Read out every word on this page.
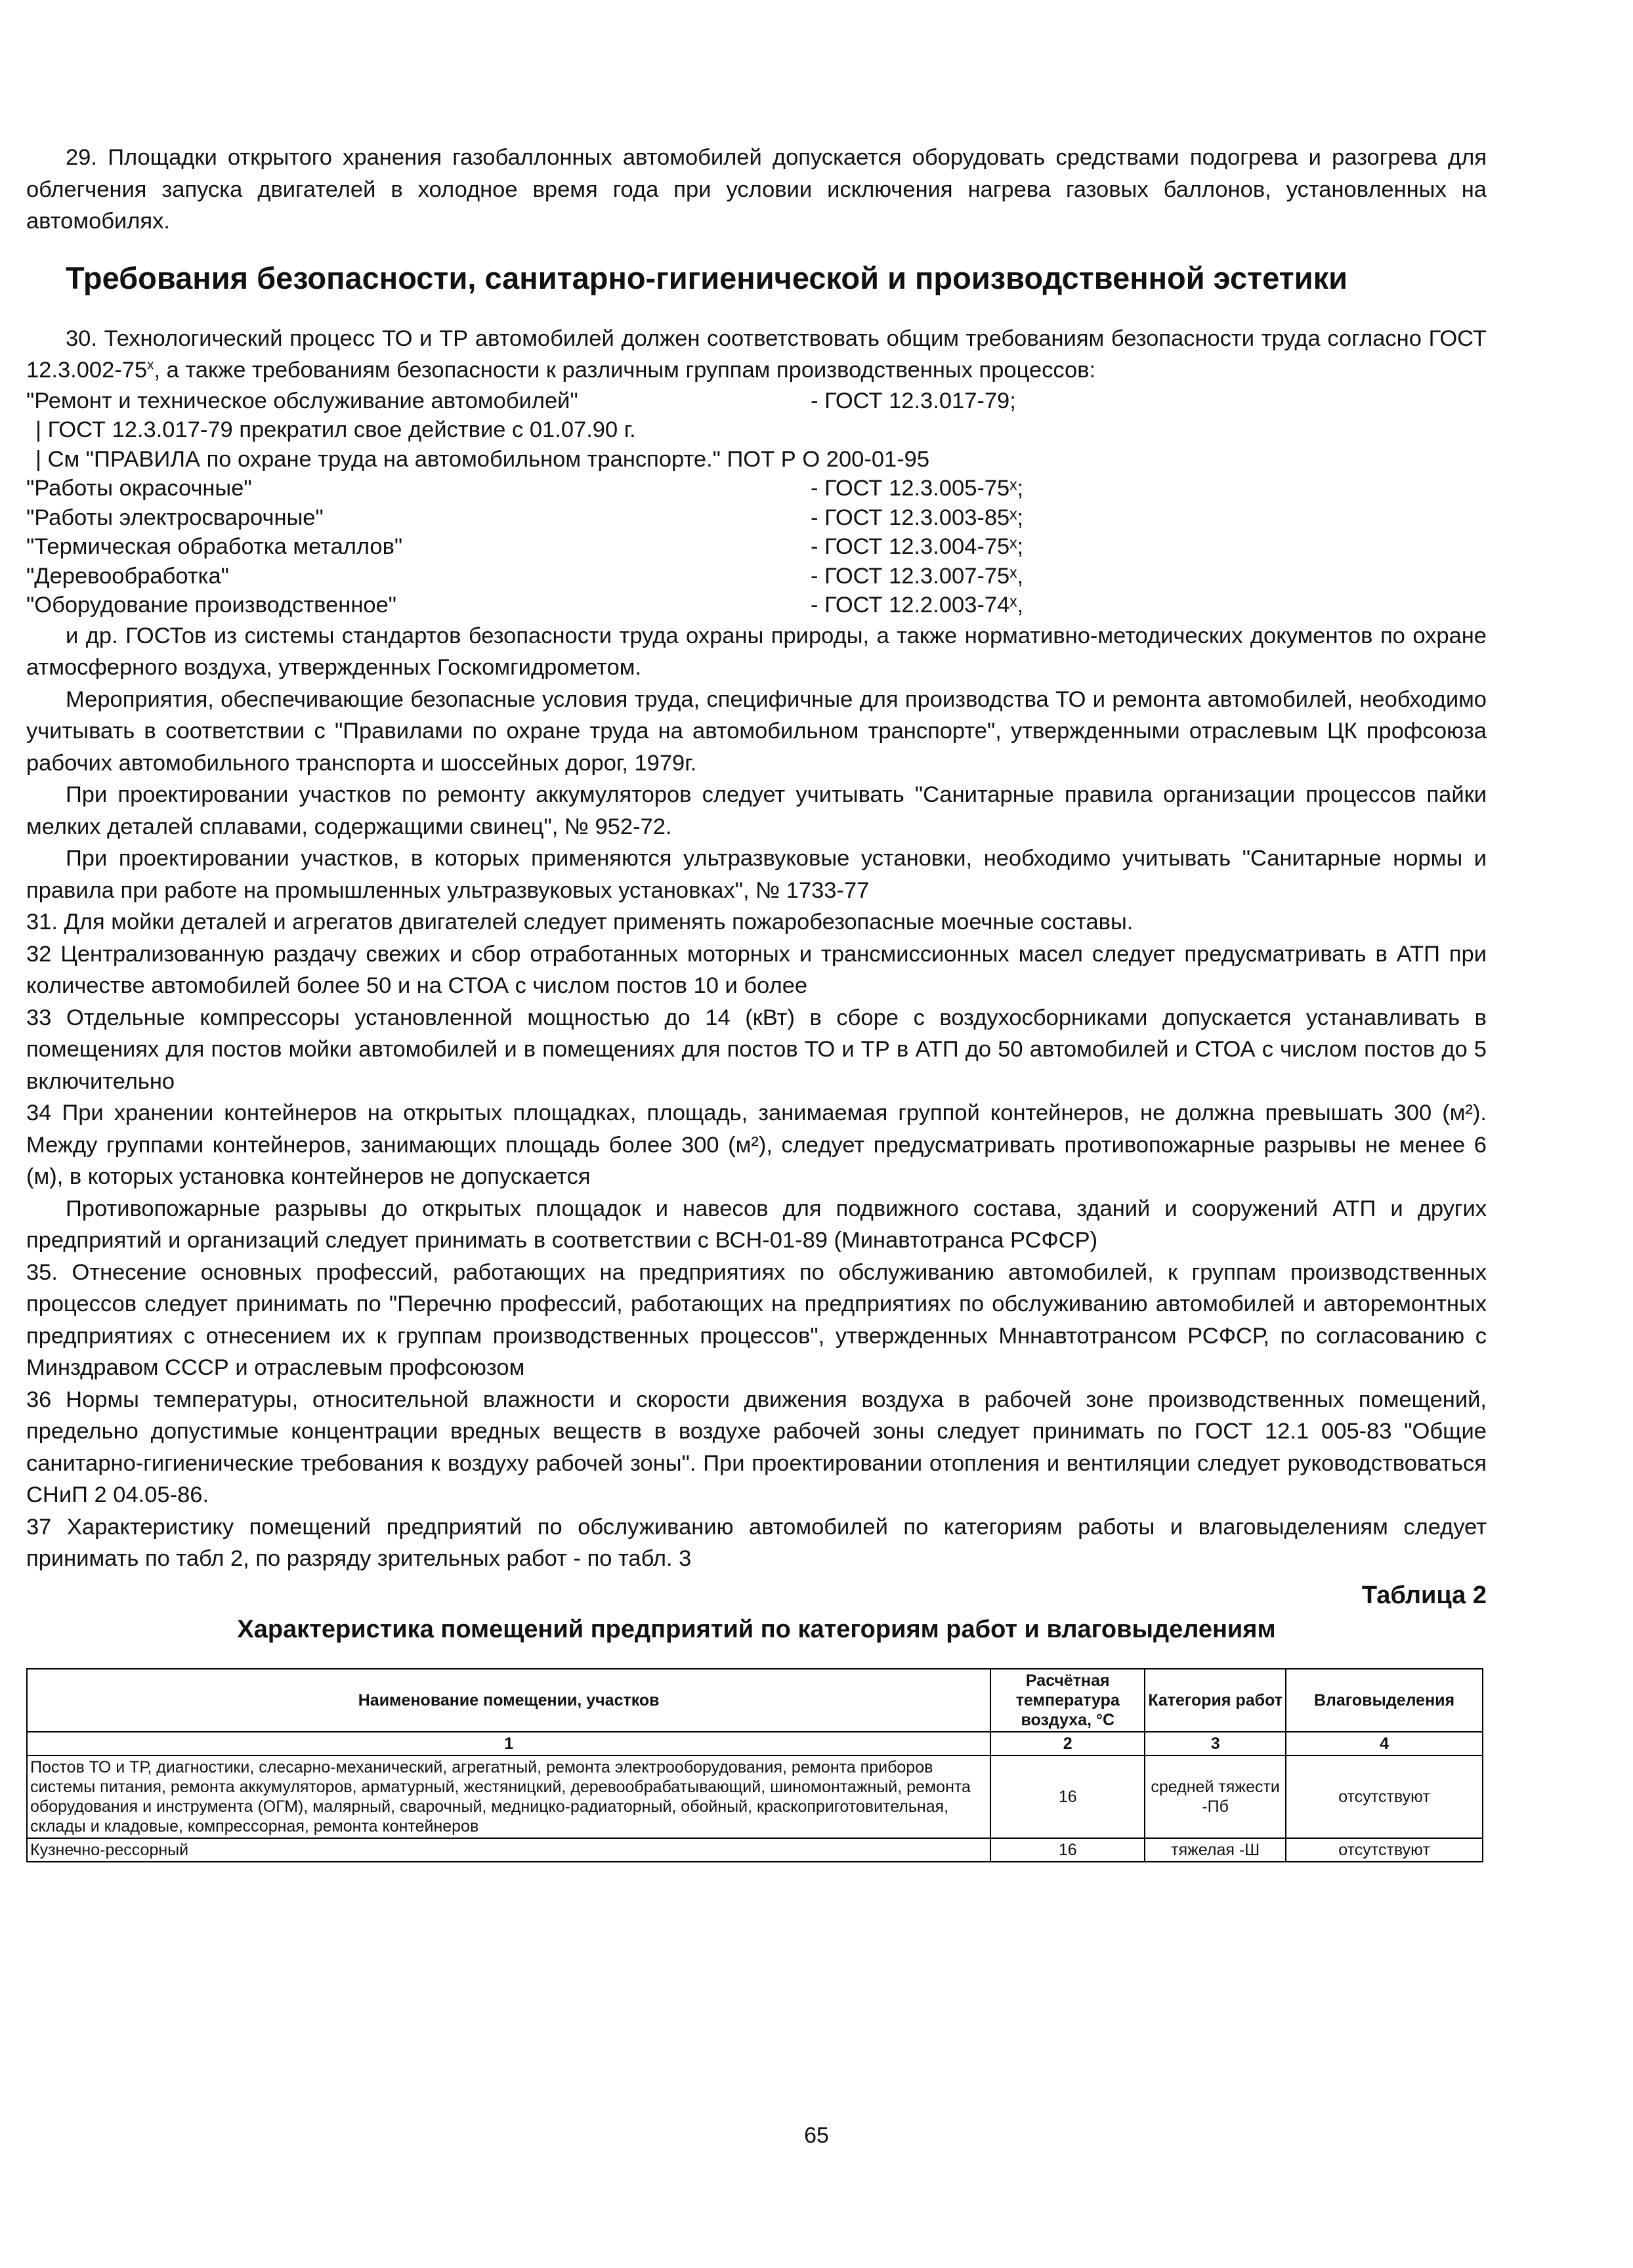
29. Площадки открытого хранения газобаллонных автомобилей допускается оборудовать средствами подогрева и разогрева для облегчения запуска двигателей в холодное время года при условии исключения нагрева газовых баллонов, установленных на автомобилях.

Требования безопасности, санитарно-гигиенической и производственной эстетики

30. Технологический процесс ТО и ТР автомобилей должен соответствовать общим требованиям безопасности труда согласно ГОСТ $12.3.002-75^х$, а также требованиям безопасности к различным группам производственных процессов:

"Ремонт и техническое обслуживание автомобилей"	- ГОСТ 12.3.017-79;
| ГОСТ 12.3.017-79 прекратил свое действие с 01.07.90 г.
| См "ПРАВИЛА по охране труда на автомобильном транспорте." ПОТ Р О 200-01-95
"Работы окрасочные"	- ГОСТ 12.3.005-75ˣ;
"Работы электросварочные"	- ГОСТ 12.3.003-85ˣ;
"Термическая обработка металлов"	- ГОСТ 12.3.004-75ˣ;
"Деревообработка"	- ГОСТ 12.3.007-75ˣ,
"Оборудование производственное"	- ГОСТ 12.2.003-74ˣ,

и др. ГОСТов из системы стандартов безопасности труда охраны природы, а также нормативно-методических документов по охране атмосферного воздуха, утвержденных Госкомгидрометом.

Мероприятия, обеспечивающие безопасные условия труда, специфичные для производства ТО и ремонта автомобилей, необходимо учитывать в соответствии с "Правилами по охране труда на автомобильном транспорте", утвержденными отраслевым ЦК профсоюза рабочих автомобильного транспорта и шоссейных дорог, 1979г.

При проектировании участков по ремонту аккумуляторов следует учитывать "Санитарные правила организации процессов пайки мелких деталей сплавами, содержащими свинец", № 952-72.

При проектировании участков, в которых применяются ультразвуковые установки, необходимо учитывать "Санитарные нормы и правила при работе на промышленных ультразвуковых установках", № 1733-77

31. Для мойки деталей и агрегатов двигателей следует применять пожаробезопасные моечные составы.

32 Централизованную раздачу свежих и сбор отработанных моторных и трансмиссионных масел следует предусматривать в АТП при количестве автомобилей более 50 и на СТОА с числом постов 10 и более

33 Отдельные компрессоры установленной мощностью до 14 (кВт) в сборе с воздухосборниками допускается устанавливать в помещениях для постов мойки автомобилей и в помещениях для постов ТО и ТР в АТП до 50 автомобилей и СТОА с числом постов до 5 включительно

34 При хранении контейнеров на открытых площадках, площадь, занимаемая группой контейнеров, не должна превышать 300 (м²). Между группами контейнеров, занимающих площадь более 300 (м²), следует предусматривать противопожарные разрывы не менее 6 (м), в которых установка контейнеров не допускается

Противопожарные разрывы до открытых площадок и навесов для подвижного состава, зданий и сооружений АТП и других предприятий и организаций следует принимать в соответствии с ВСН-01-89 (Минавтотранса РСФСР)

35. Отнесение основных профессий, работающих на предприятиях по обслуживанию автомобилей, к группам производственных процессов следует принимать по "Перечню профессий, работающих на предприятиях по обслуживанию автомобилей и авторемонтных предприятиях с отнесением их к группам производственных процессов", утвержденных Мннавтотрансом РСФСР, по согласованию с Минздравом СССР и отраслевым профсоюзом

36 Нормы температуры, относительной влажности и скорости движения воздуха в рабочей зоне производственных помещений, предельно допустимые концентрации вредных веществ в воздухе рабочей зоны следует принимать по ГОСТ 12.1 005-83 "Общие санитарно-гигиенические требования к воздуху рабочей зоны". При проектировании отопления и вентиляции следует руководствоваться СНиП 2 04.05-86.

37 Характеристику помещений предприятий по обслуживанию автомобилей по категориям работы и влаговыделениям следует принимать по табл 2, по разряду зрительных работ - по табл. 3

Таблица 2
Характеристика помещений предприятий по категориям работ и влаговыделениям
Наименование помещении, участков	Расчётная температура воздуха, °С	Категория работ	Влаговыделения
1	2	3	4
Постов ТО и ТР, диагностики, слесарно-механический, агрегатный, ремонта электрооборудования, ремонта приборов системы питания, ремонта аккумуляторов, арматурный, жестяницкий, деревообрабатывающий, шиномонтажный, ремонта оборудования и инструмента (ОГМ), малярный, сварочный, медницко-радиаторный, обойный, краскоприготовительная, склады и кладовые, компрессорная, ремонта контейнеров	16	средней тяжести -Пб	отсутствуют
Кузнечно-рессорный	16	тяжелая -Ш	отсутствуют
65
